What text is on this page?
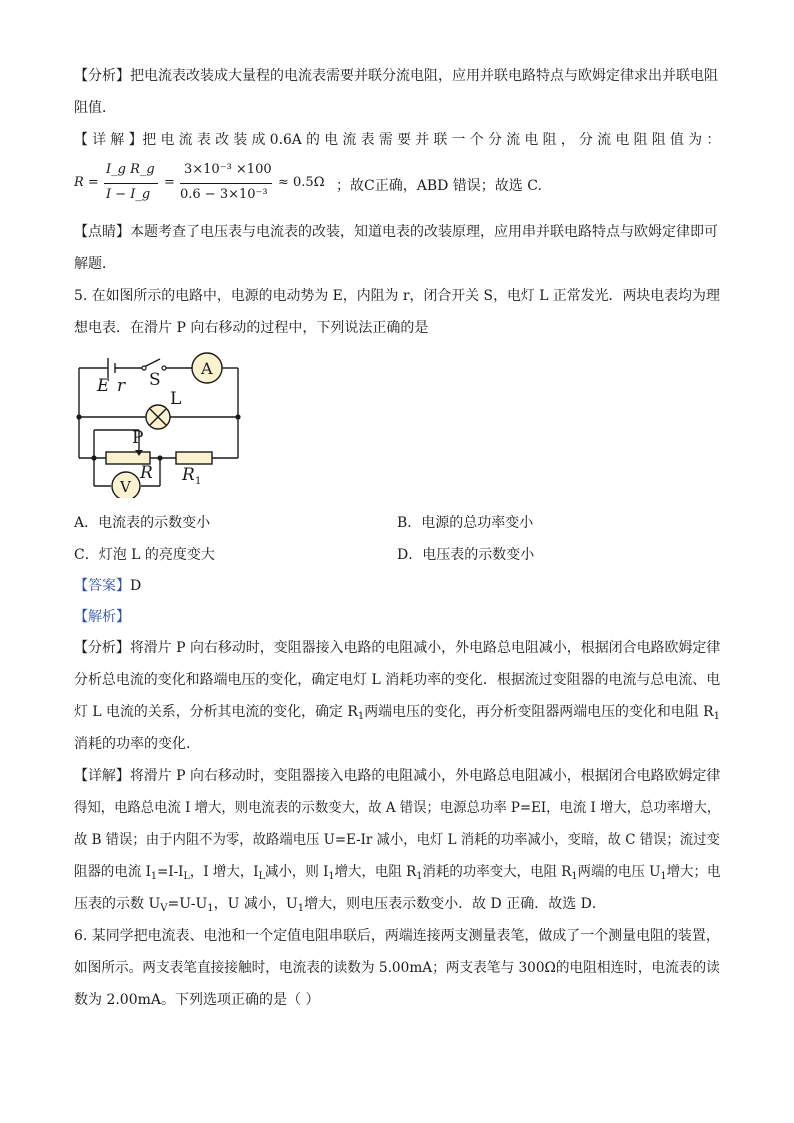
【分析】把电流表改装成大量程的电流表需要并联分流电阻，应用并联电路特点与欧姆定律求出并联电阻
阻值．
【 详 解 】把 电 流 表 改 装 成 0.6A 的 电 流 表 需 要 并 联 一 个 分 流 电 阻 ， 分 流 电 阻 阻 值 为 ：
R =
I_g R_g
I − I_g
=
3×10⁻³ ×100
0.6 − 3×10⁻³
≈ 0.5Ω ；故C正确，ABD 错误；故选 C.
【点睛】本题考查了电压表与电流表的改装，知道电表的改装原理，应用串并联电路特点与欧姆定律即可
解题．
5. 在如图所示的电路中，电源的电动势为 E，内阻为 r，闭合开关 S，电灯 L 正常发光．两块电表均为理
想电表．在滑片 P 向右移动的过程中，下列说法正确的是
E r S
A
L
P
V
R R 1
A．电流表的示数变小	B．电源的总功率变小
C．灯泡 L 的亮度变大	D．电压表的示数变小
【答案】D
【解析】
【分析】将滑片 P 向右移动时，变阻器接入电路的电阻减小，外电路总电阻减小，根据闭合电路欧姆定律
分析总电流的变化和路端电压的变化，确定电灯 L 消耗功率的变化．根据流过变阻器的电流与总电流、电
灯 L 电流的关系，分析其电流的变化，确定 $R_1$两端电压的变化，再分析变阻器两端电压的变化和电阻 $R_1$
消耗的功率的变化．
【详解】将滑片 P 向右移动时，变阻器接入电路的电阻减小，外电路总电阻减小，根据闭合电路欧姆定律
得知，电路总电流 I 增大，则电流表的示数变大，故 A 错误；电源总功率 P=EI，电流 I 增大，总功率增大，
故 B 错误；由于内阻不为零，故路端电压 U=E-Ir 减小，电灯 L 消耗的功率减小，变暗，故 C 错误；流过变
阻器的电流 $I_1=I-I_L$，I 增大，$I_L$减小，则 $I_1$增大，电阻 $R_1$消耗的功率变大，电阻 $R_1$两端的电压 $U_1$增大；电
压表的示数 $U_V=U-U_1$，U 减小，$U_1$增大，则电压表示数变小．故 D 正确．故选 D．
6. 某同学把电流表、电池和一个定值电阻串联后，两端连接两支测量表笔，做成了一个测量电阻的装置，
如图所示。两支表笔直接接触时，电流表的读数为 5.00mA；两支表笔与 300Ω的电阻相连时，电流表的读
数为 2.00mA。下列选项正确的是（ ）
